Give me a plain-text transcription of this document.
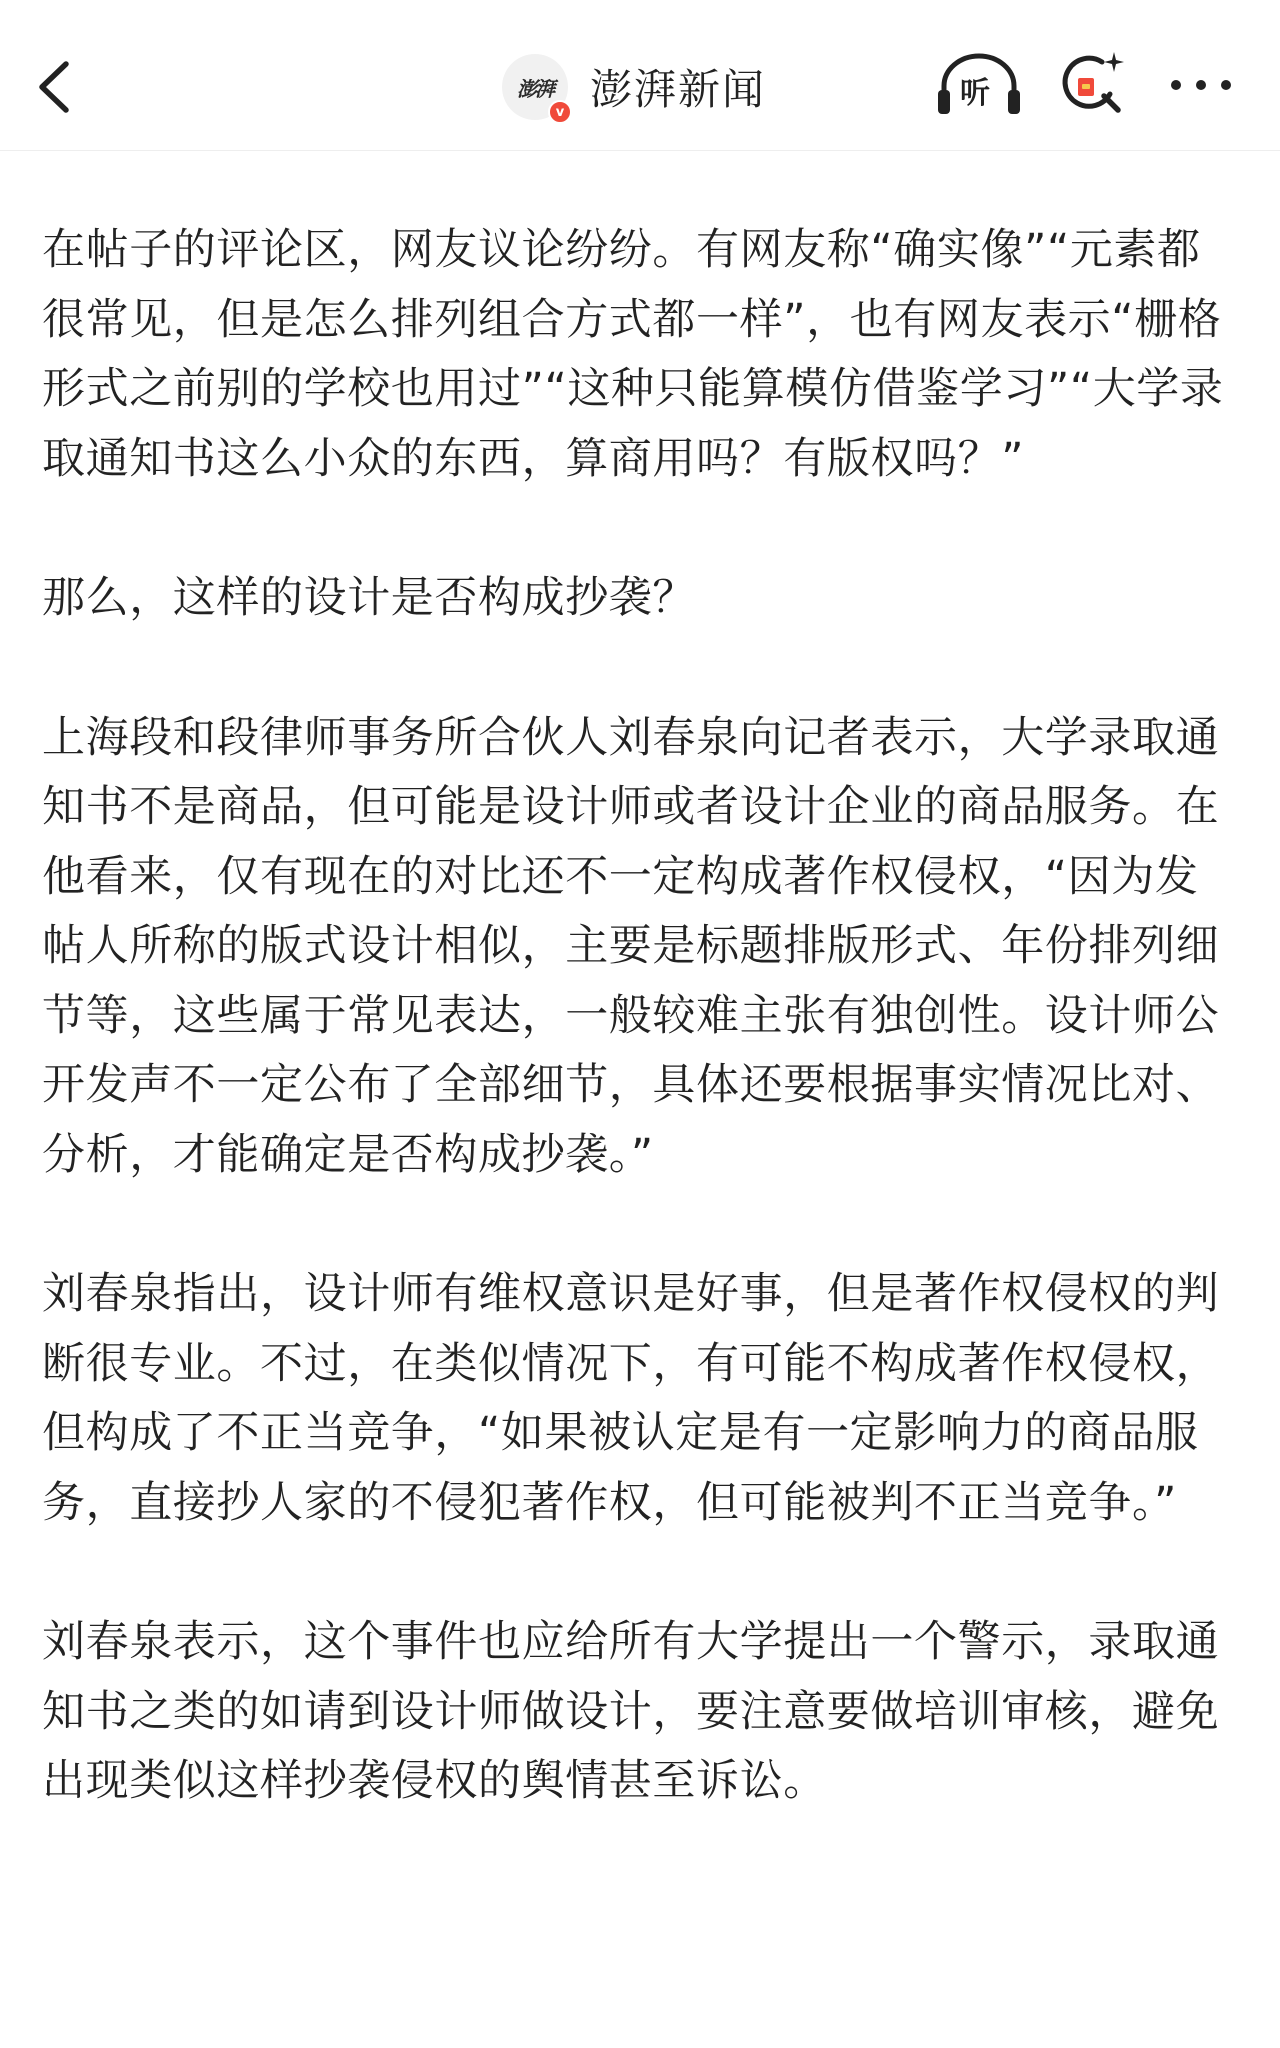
澎湃
v 澎湃新闻	听

在帖子的评论区，网友议论纷纷。有网友称“确实像”“元素都很常见，但是怎么排列组合方式都一样”，也有网友表示“栅格形式之前别的学校也用过”“这种只能算模仿借鉴学习”“大学录取通知书这么小众的东西，算商用吗？有版权吗？”

那么，这样的设计是否构成抄袭？

上海段和段律师事务所合伙人刘春泉向记者表示，大学录取通知书不是商品，但可能是设计师或者设计企业的商品服务。在他看来，仅有现在的对比还不一定构成著作权侵权，“因为发帖人所称的版式设计相似，主要是标题排版形式、年份排列细节等，这些属于常见表达，一般较难主张有独创性。设计师公开发声不一定公布了全部细节，具体还要根据事实情况比对、分析，才能确定是否构成抄袭。”

刘春泉指出，设计师有维权意识是好事，但是著作权侵权的判断很专业。不过，在类似情况下，有可能不构成著作权侵权，但构成了不正当竞争，“如果被认定是有一定影响力的商品服务，直接抄人家的不侵犯著作权，但可能被判不正当竞争。”

刘春泉表示，这个事件也应给所有大学提出一个警示，录取通知书之类的如请到设计师做设计，要注意要做培训审核，避免出现类似这样抄袭侵权的舆情甚至诉讼。
